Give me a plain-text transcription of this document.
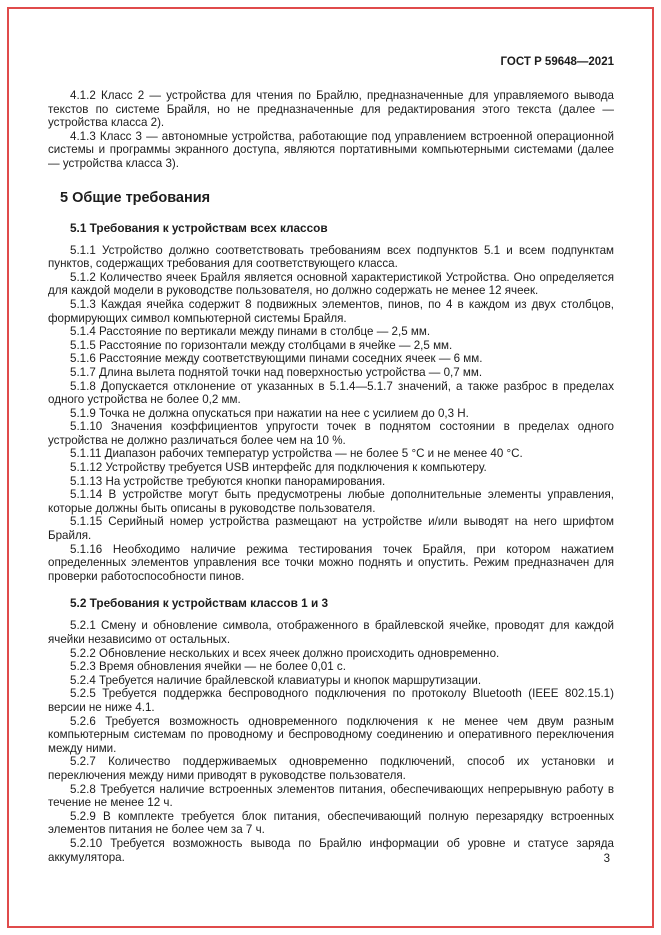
ГОСТ Р 59648—2021
4.1.2 Класс 2 — устройства для чтения по Брайлю, предназначенные для управляемого вывода текстов по системе Брайля, но не предназначенные для редактирования этого текста (далее — устройства класса 2).
4.1.3 Класс 3 — автономные устройства, работающие под управлением встроенной операционной системы и программы экранного доступа, являются портативными компьютерными системами (далее — устройства класса 3).
5 Общие требования
5.1 Требования к устройствам всех классов
5.1.1 Устройство должно соответствовать требованиям всех подпунктов 5.1 и всем подпунктам пунктов, содержащих требования для соответствующего класса.
5.1.2 Количество ячеек Брайля является основной характеристикой Устройства. Оно определяется для каждой модели в руководстве пользователя, но должно содержать не менее 12 ячеек.
5.1.3 Каждая ячейка содержит 8 подвижных элементов, пинов, по 4 в каждом из двух столбцов, формирующих символ компьютерной системы Брайля.
5.1.4 Расстояние по вертикали между пинами в столбце — 2,5 мм.
5.1.5 Расстояние по горизонтали между столбцами в ячейке — 2,5 мм.
5.1.6 Расстояние между соответствующими пинами соседних ячеек — 6 мм.
5.1.7 Длина вылета поднятой точки над поверхностью устройства — 0,7 мм.
5.1.8 Допускается отклонение от указанных в 5.1.4—5.1.7 значений, а также разброс в пределах одного устройства не более 0,2 мм.
5.1.9 Точка не должна опускаться при нажатии на нее с усилием до 0,3 Н.
5.1.10 Значения коэффициентов упругости точек в поднятом состоянии в пределах одного устройства не должно различаться более чем на 10 %.
5.1.11 Диапазон рабочих температур устройства — не более 5 °С и не менее 40 °С.
5.1.12 Устройству требуется USB интерфейс для подключения к компьютеру.
5.1.13 На устройстве требуются кнопки панорамирования.
5.1.14 В устройстве могут быть предусмотрены любые дополнительные элементы управления, которые должны быть описаны в руководстве пользователя.
5.1.15 Серийный номер устройства размещают на устройстве и/или выводят на него шрифтом Брайля.
5.1.16 Необходимо наличие режима тестирования точек Брайля, при котором нажатием определенных элементов управления все точки можно поднять и опустить. Режим предназначен для проверки работоспособности пинов.
5.2 Требования к устройствам классов 1 и 3
5.2.1 Смену и обновление символа, отображенного в брайлевской ячейке, проводят для каждой ячейки независимо от остальных.
5.2.2 Обновление нескольких и всех ячеек должно происходить одновременно.
5.2.3 Время обновления ячейки — не более 0,01 с.
5.2.4 Требуется наличие брайлевской клавиатуры и кнопок маршрутизации.
5.2.5 Требуется поддержка беспроводного подключения по протоколу Bluetooth (IEEE 802.15.1) версии не ниже 4.1.
5.2.6 Требуется возможность одновременного подключения к не менее чем двум разным компьютерным системам по проводному и беспроводному соединению и оперативного переключения между ними.
5.2.7 Количество поддерживаемых одновременно подключений, способ их установки и переключения между ними приводят в руководстве пользователя.
5.2.8 Требуется наличие встроенных элементов питания, обеспечивающих непрерывную работу в течение не менее 12 ч.
5.2.9 В комплекте требуется блок питания, обеспечивающий полную перезарядку встроенных элементов питания не более чем за 7 ч.
5.2.10 Требуется возможность вывода по Брайлю информации об уровне и статусе заряда аккумулятора.	3
